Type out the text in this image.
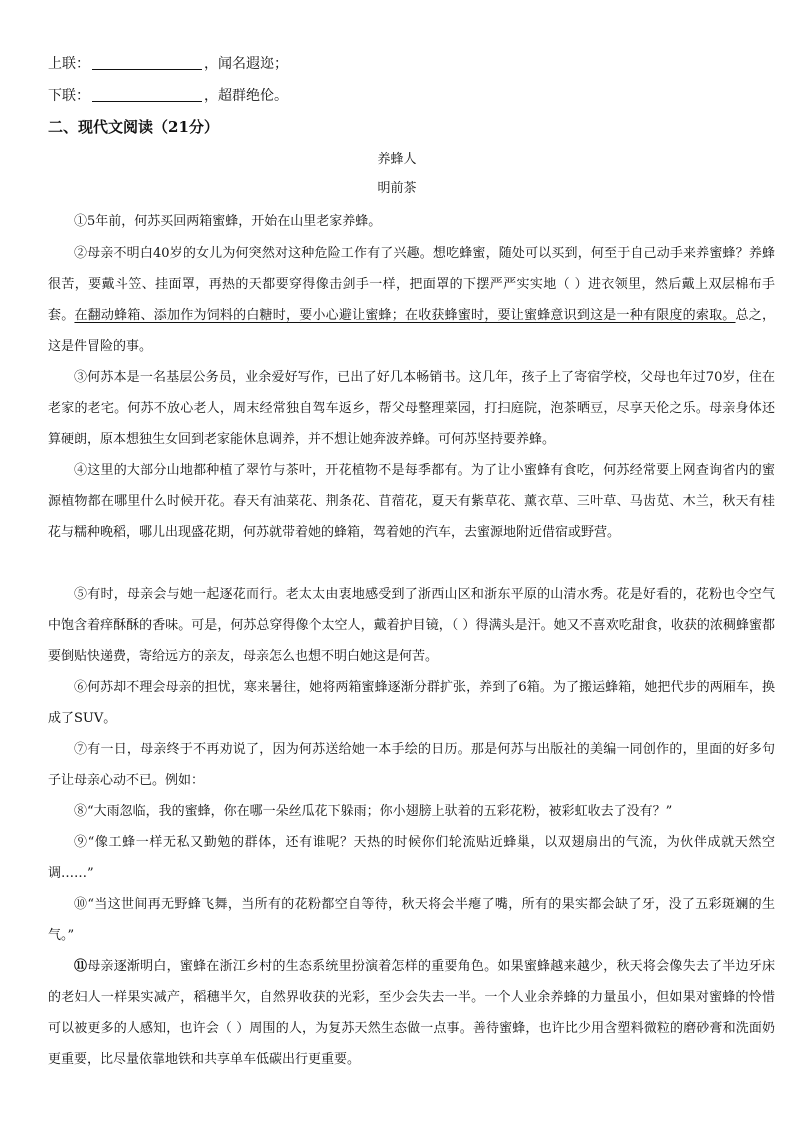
上联：	，闻名遐迩；
下联：	，超群绝伦。
二、现代文阅读（21分）
养蜂人
明前茶
①5年前，何苏买回两箱蜜蜂，开始在山里老家养蜂。
②母亲不明白40岁的女儿为何突然对这种危险工作有了兴趣。想吃蜂蜜，随处可以买到，何至于自己动手来养蜜蜂？养蜂很苦，要戴斗笠、挂面罩，再热的天都要穿得像击剑手一样，把面罩的下摆严严实实地（ ）进衣领里，然后戴上双层棉布手套。在翻动蜂箱、添加作为饲料的白糖时，要小心避让蜜蜂；在收获蜂蜜时，要让蜜蜂意识到这是一种有限度的索取。总之，这是件冒险的事。
③何苏本是一名基层公务员，业余爱好写作，已出了好几本畅销书。这几年，孩子上了寄宿学校，父母也年过70岁，住在老家的老宅。何苏不放心老人，周末经常独自驾车返乡，帮父母整理菜园，打扫庭院，泡茶晒豆，尽享天伦之乐。母亲身体还算硬朗，原本想独生女回到老家能休息调养，并不想让她奔波养蜂。可何苏坚持要养蜂。
④这里的大部分山地都种植了翠竹与茶叶，开花植物不是每季都有。为了让小蜜蜂有食吃，何苏经常要上网查询省内的蜜源植物都在哪里什么时候开花。春天有油菜花、荆条花、苜蓿花，夏天有紫草花、薰衣草、三叶草、马齿苋、木兰，秋天有桂花与糯种晚稻，哪儿出现盛花期，何苏就带着她的蜂箱，驾着她的汽车，去蜜源地附近借宿或野营。
⑤有时，母亲会与她一起逐花而行。老太太由衷地感受到了浙西山区和浙东平原的山清水秀。花是好看的，花粉也令空气中饱含着痒酥酥的香味。可是，何苏总穿得像个太空人，戴着护目镜，（ ）得满头是汗。她又不喜欢吃甜食，收获的浓稠蜂蜜都要倒贴快递费，寄给远方的亲友，母亲怎么也想不明白她这是何苦。
⑥何苏却不理会母亲的担忧，寒来暑往，她将两箱蜜蜂逐渐分群扩张，养到了6箱。为了搬运蜂箱，她把代步的两厢车，换成了SUV。
⑦有一日，母亲终于不再劝说了，因为何苏送给她一本手绘的日历。那是何苏与出版社的美编一同创作的，里面的好多句子让母亲心动不已。例如：
⑧“大雨忽临，我的蜜蜂，你在哪一朵丝瓜花下躲雨；你小翅膀上驮着的五彩花粉，被彩虹收去了没有？”
⑨“像工蜂一样无私又勤勉的群体，还有谁呢？天热的时候你们轮流贴近蜂巢，以双翅扇出的气流，为伙伴成就天然空调……”
⑩“当这世间再无野蜂飞舞，当所有的花粉都空自等待，秋天将会半瘪了嘴，所有的果实都会缺了牙，没了五彩斑斓的生气。”
⑪母亲逐渐明白，蜜蜂在浙江乡村的生态系统里扮演着怎样的重要角色。如果蜜蜂越来越少，秋天将会像失去了半边牙床的老妇人一样果实减产，稻穗半欠，自然界收获的光彩，至少会失去一半。一个人业余养蜂的力量虽小，但如果对蜜蜂的怜惜可以被更多的人感知，也许会（ ）周围的人，为复苏天然生态做一点事。善待蜜蜂，也许比少用含塑料微粒的磨砂膏和洗面奶更重要，比尽量依靠地铁和共享单车低碳出行更重要。
